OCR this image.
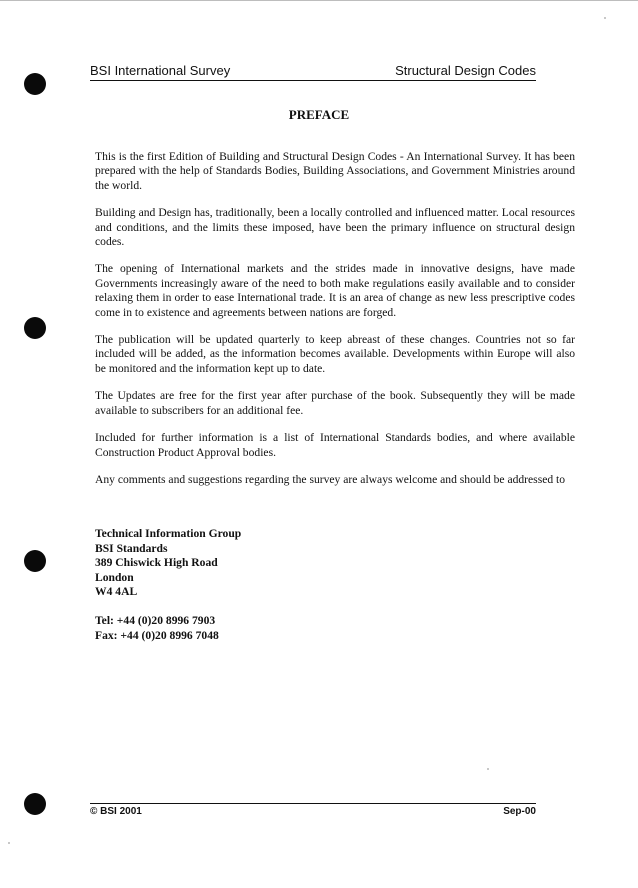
BSI International Survey	Structural Design Codes
PREFACE

This is the first Edition of Building and Structural Design Codes - An International Survey. It has been prepared with the help of Standards Bodies, Building Associations, and Government Ministries around the world.

Building and Design has, traditionally, been a locally controlled and influenced matter. Local resources and conditions, and the limits these imposed, have been the primary influence on structural design codes.

The opening of International markets and the strides made in innovative designs, have made Governments increasingly aware of the need to both make regulations easily available and to consider relaxing them in order to ease International trade. It is an area of change as new less prescriptive codes come in to existence and agreements between nations are forged.

The publication will be updated quarterly to keep abreast of these changes. Countries not so far included will be added, as the information becomes available. Developments within Europe will also be monitored and the information kept up to date.

The Updates are free for the first year after purchase of the book. Subsequently they will be made available to subscribers for an additional fee.

Included for further information is a list of International Standards bodies, and where available Construction Product Approval bodies.

Any comments and suggestions regarding the survey are always welcome and should be addressed to

Technical Information Group
BSI Standards
389 Chiswick High Road
London
W4 4AL
Tel: +44 (0)20 8996 7903
Fax: +44 (0)20 8996 7048
© BSI 2001	Sep-00
